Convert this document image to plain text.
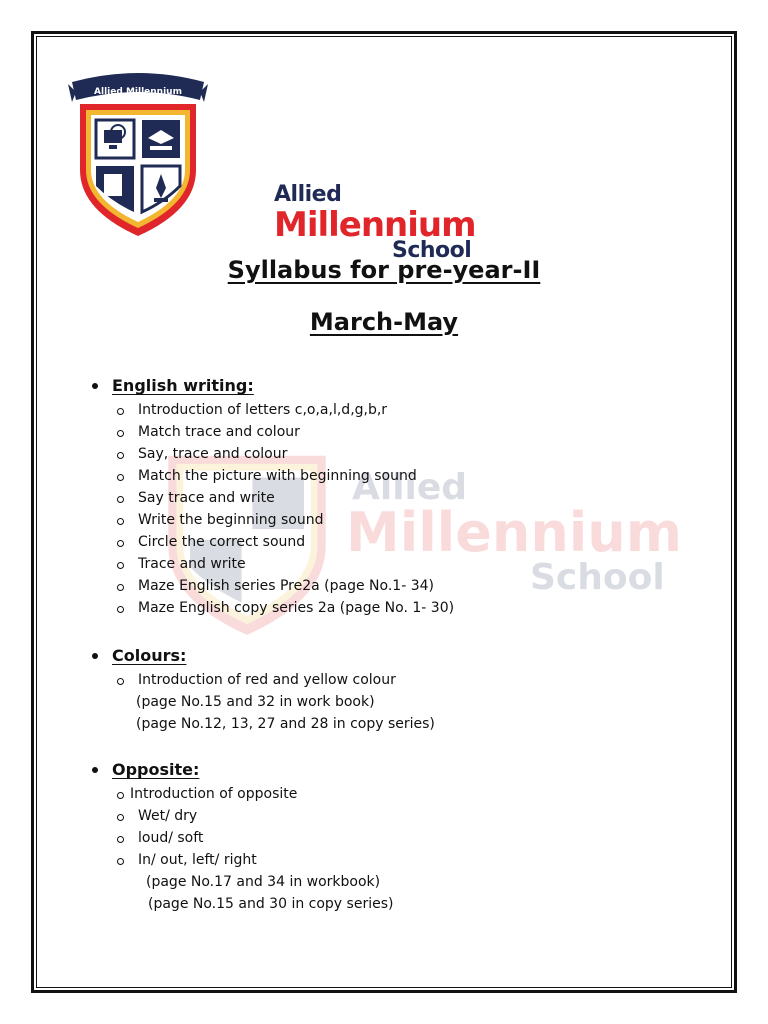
Allied Millennium
Allied
Millennium
School
Allied
Millennium
School
Syllabus for pre-year-II
March-May
English writing:
Introduction of letters c,o,a,l,d,g,b,r
Match trace and colour
Say, trace and colour
Match the picture with beginning sound
Say trace and write
Write the beginning sound
Circle the correct sound
Trace and write
Maze English series Pre2a (page No.1- 34)
Maze English copy series 2a (page No. 1- 30)
Colours:
Introduction of red and yellow colour
(page No.15 and 32 in work book)
(page No.12, 13, 27 and 28 in copy series)
Opposite:
Introduction of opposite
Wet/ dry
loud/ soft
In/ out, left/ right
(page No.17 and 34 in workbook)
(page No.15 and 30 in copy series)
